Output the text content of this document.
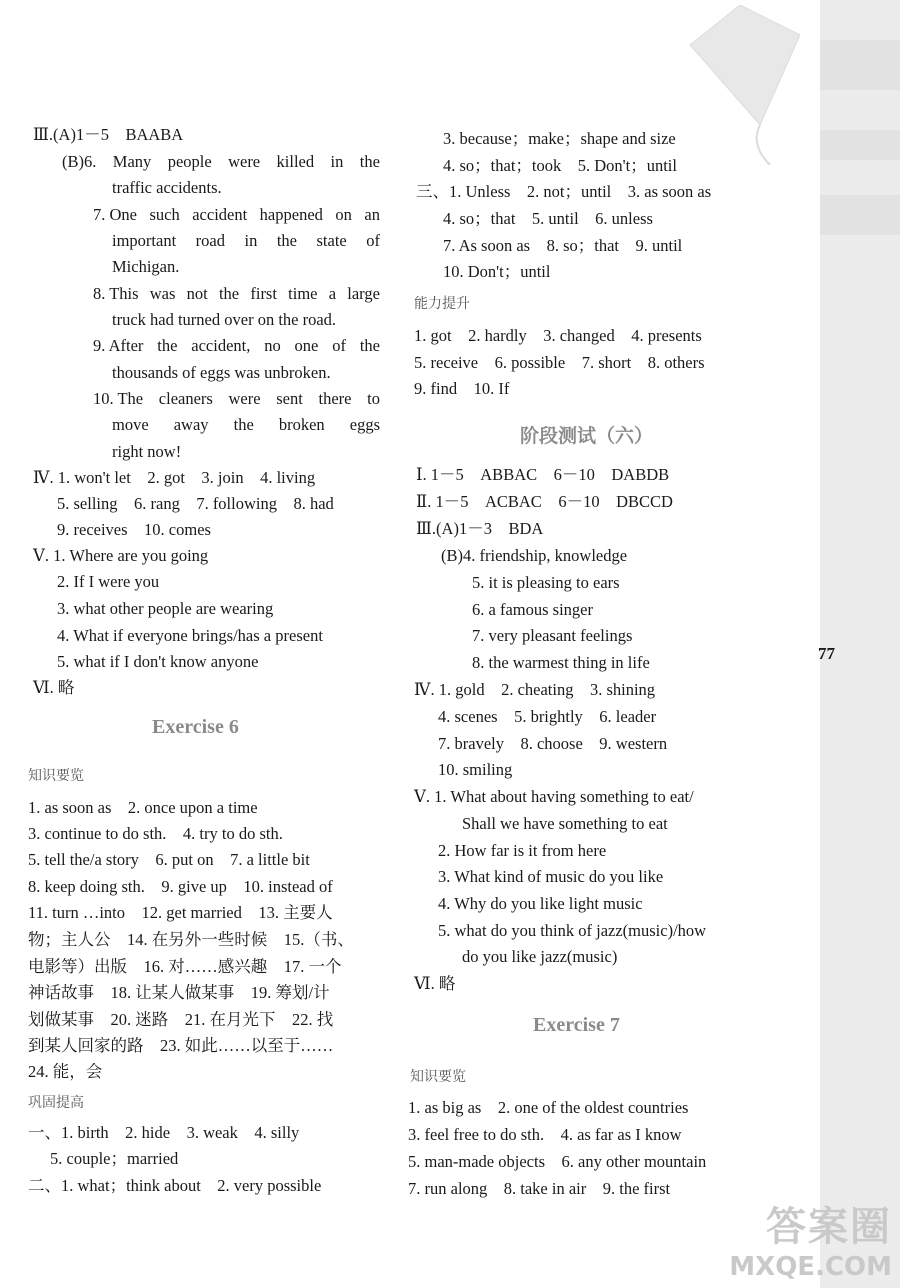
77
Ⅲ.(A)1－5　BAABA
(B)6. Many people were killed in the
traffic accidents.
7. One such accident happened on an
important road in the state of
Michigan.
8. This was not the first time a large
truck had turned over on the road.
9. After the accident, no one of the
thousands of eggs was unbroken.
10. The cleaners were sent there to
move away the broken eggs
right now!
Ⅳ. 1. won't let　2. got　3. join　4. living
5. selling　6. rang　7. following　8. had
9. receives　10. comes
Ⅴ. 1. Where are you going
2. If I were you
3. what other people are wearing
4. What if everyone brings/has a present
5. what if I don't know anyone
Ⅵ. 略
Exercise 6
知识要览
1. as soon as　2. once upon a time
3. continue to do sth.　4. try to do sth.
5. tell the/a story　6. put on　7. a little bit
8. keep doing sth.　9. give up　10. instead of
11. turn …into　12. get married　13. 主要人
物；主人公　14. 在另外一些时候　15.（书、
电影等）出版　16. 对……感兴趣　17. 一个
神话故事　18. 让某人做某事　19. 筹划/计
划做某事　20. 迷路　21. 在月光下　22. 找
到某人回家的路　23. 如此……以至于……
24. 能，会
巩固提高
一、1. birth　2. hide　3. weak　4. silly
5. couple；married
二、1. what；think about　2. very possible
3. because；make；shape and size
4. so；that；took　5. Don't；until
三、1. Unless　2. not；until　3. as soon as
4. so；that　5. until　6. unless
7. As soon as　8. so；that　9. until
10. Don't；until
能力提升
1. got　2. hardly　3. changed　4. presents
5. receive　6. possible　7. short　8. others
9. find　10. If
阶段测试（六）
Ⅰ. 1－5　ABBAC　6－10　DABDB
Ⅱ. 1－5　ACBAC　6－10　DBCCD
Ⅲ.(A)1－3　BDA
(B)4. friendship, knowledge
5. it is pleasing to ears
6. a famous singer
7. very pleasant feelings
8. the warmest thing in life
Ⅳ. 1. gold　2. cheating　3. shining
4. scenes　5. brightly　6. leader
7. bravely　8. choose　9. western
10. smiling
Ⅴ. 1. What about having something to eat/
Shall we have something to eat
2. How far is it from here
3. What kind of music do you like
4. Why do you like light music
5. what do you think of jazz(music)/how
do you like jazz(music)
Ⅵ. 略
Exercise 7
知识要览
1. as big as　2. one of the oldest countries
3. feel free to do sth.　4. as far as I know
5. man-made objects　6. any other mountain
7. run along　8. take in air　9. the first
答案圈
MXQE.COM
